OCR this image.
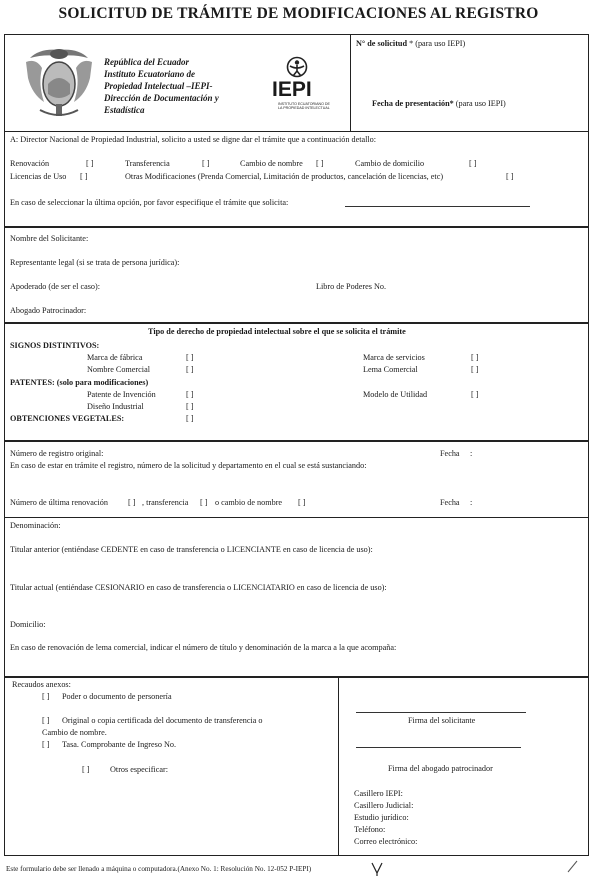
SOLICITUD DE TRÁMITE DE MODIFICACIONES AL REGISTRO
República del Ecuador
Instituto Ecuatoriano de
Propiedad Intelectual –IEPI-
Dirección de Documentación y
Estadística
IEPI
INSTITUTO ECUATORIANO DE LA PROPIEDAD INTELECTUAL
N° de solicitud * (para uso IEPI)
Fecha de presentación* (para uso IEPI)
A: Director Nacional de Propiedad Industrial, solicito a usted se digne dar el trámite que a continuación detallo:
Renovación	[ ]	Transferencia	[ ]	Cambio de nombre [ ]	Cambio de domicilio	[ ]
Licencias de Uso [ ]	Otras Modificaciones (Prenda Comercial, Limitación de productos, cancelación de licencias, etc)	[ ]
En caso de seleccionar la última opción, por favor especifique el trámite que solicita:
Nombre del Solicitante:
Representante legal (si se trata de persona jurídica):
Apoderado (de ser el caso):	Libro de Poderes No.
Abogado Patrocinador:
Tipo de derecho de propiedad intelectual sobre el que se solicita el trámite
SIGNOS DISTINTIVOS:
Marca de fábrica	[ ]	Marca de servicios	[ ]
Nombre Comercial	[ ]	Lema Comercial	[ ]
PATENTES: (solo para modificaciones)
Patente de Invención	[ ]	Modelo de Utilidad	[ ]
Diseño Industrial	[ ]
OBTENCIONES VEGETALES:	[ ]
Número de registro original:	Fecha :
En caso de estar en trámite el registro, número de la solicitud y departamento en el cual se está sustanciando:
Número de última renovación [ ] , transferencia [ ] o cambio de nombre [ ]	Fecha :
Denominación:
Titular anterior (entiéndase CEDENTE en caso de transferencia o LICENCIANTE en caso de licencia de uso):
Titular actual (entiéndase CESIONARIO en caso de transferencia o LICENCIATARIO en caso de licencia de uso):
Domicilio:
En caso de renovación de lema comercial, indicar el número de título y denominación de la marca a la que acompaña:
Recaudos anexos:
[ ] Poder o documento de personería
[ ] Original o copia certificada del documento de transferencia o
Cambio de nombre.
[ ] Tasa. Comprobante de Ingreso No.
[ ]	Otros especificar:
Firma del solicitante
Firma del abogado patrocinador
Casillero IEPI:
Casillero Judicial:
Estudio jurídico:
Teléfono:
Correo electrónico:
Este formulario debe ser llenado a máquina o computadora.(Anexo No. 1: Resolución No. 12-052 P-IEPI)
